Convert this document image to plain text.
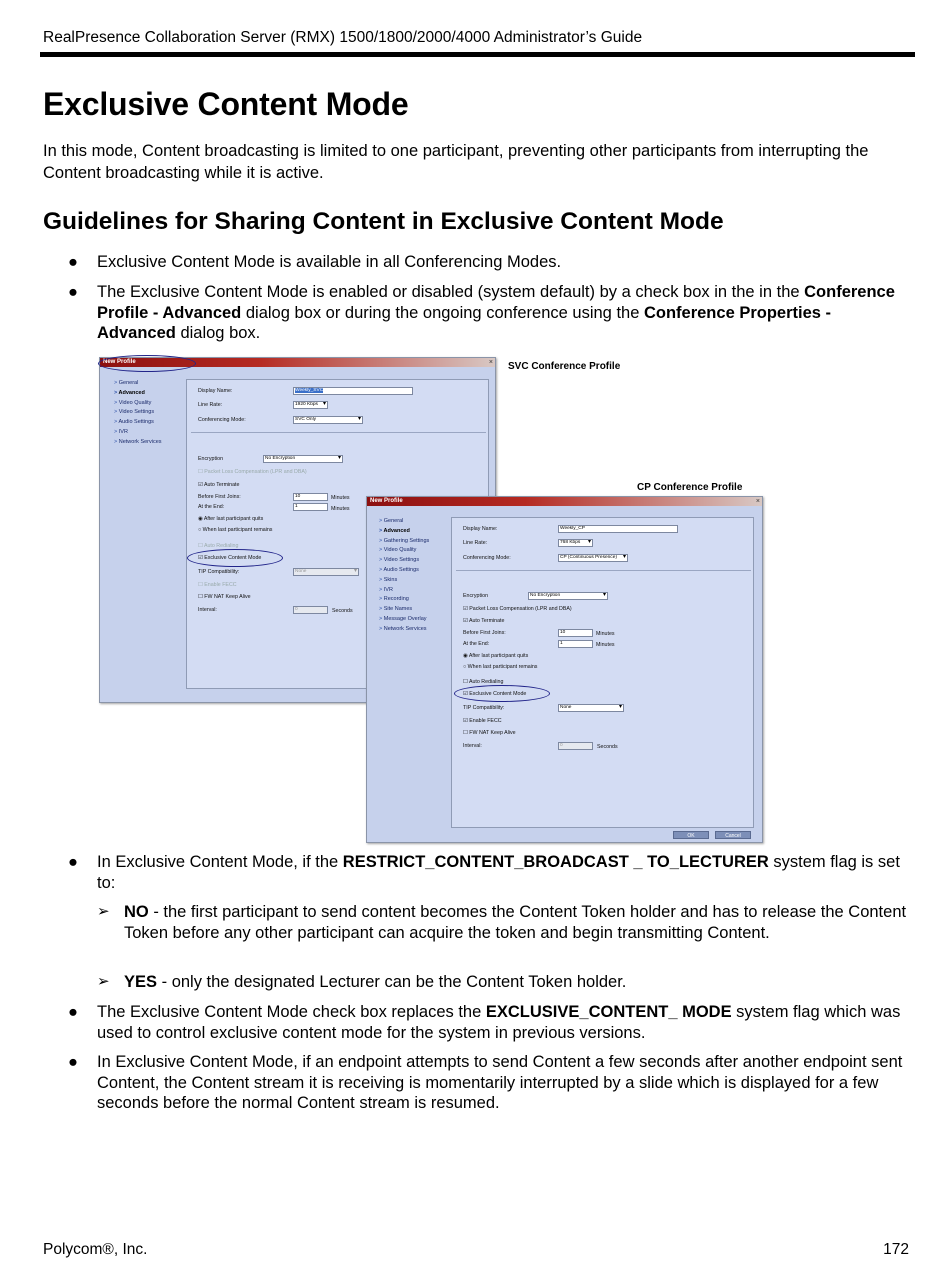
RealPresence Collaboration Server (RMX) 1500/1800/2000/4000 Administrator’s Guide
Exclusive Content Mode
In this mode, Content broadcasting is limited to one participant, preventing other participants from interrupting the Content broadcasting while it is active.
Guidelines for Sharing Content in Exclusive Content Mode
● Exclusive Content Mode is available in all Conferencing Modes.
● The Exclusive Content Mode is enabled or disabled (system default) by a check box in the in the Conference Profile - Advanced dialog box or during the ongoing conference using the Conference Properties - Advanced dialog box.
SVC Conference Profile
CP Conference Profile
New Profile	×
> General
> Advanced
> Video Quality
> Video Settings
> Audio Settings
> IVR
> Network Services
Display Name:	Weekly_SVC
Line Rate:	1920 Kbps ▾
Conferencing Mode:	SVC Only ▾
Encryption	No Encryption ▾
☐ Packet Loss Compensation (LPR and DBA)
☑ Auto Terminate
Before First Joins:	10	Minutes
At the End:	1	Minutes
◉ After last participant quits
○ When last participant remains
☐ Auto Redialing
☑ Exclusive Content Mode
TIP Compatibility:	None ▾
☐ Enable FECC
☐ FW NAT Keep Alive
Interval:	0	Seconds
New Profile	×
> General
> Advanced
> Gathering Settings
> Video Quality
> Video Settings
> Audio Settings
> Skins
> IVR
> Recording
> Site Names
> Message Overlay
> Network Services
Display Name:	Weekly_CP
Line Rate:	768 Kbps ▾
Conferencing Mode:	CP (Continuous Presence) ▾
Encryption	No Encryption ▾
☑ Packet Loss Compensation (LPR and DBA)
☑ Auto Terminate
Before First Joins:	10	Minutes
At the End:	1	Minutes
◉ After last participant quits
○ When last participant remains
☐ Auto Redialing
☑ Exclusive Content Mode
TIP Compatibility:	None ▾
☑ Enable FECC
☐ FW NAT Keep Alive
Interval:	0	Seconds
OK	Cancel
● In Exclusive Content Mode, if the RESTRICT_CONTENT_BROADCAST _ TO_LECTURER system flag is set to:
➢ NO - the first participant to send content becomes the Content Token holder and has to release the Content Token before any other participant can acquire the token and begin transmitting Content.
➢ YES - only the designated Lecturer can be the Content Token holder.
● The Exclusive Content Mode check box replaces the EXCLUSIVE_CONTENT_ MODE system flag which was used to control exclusive content mode for the system in previous versions.
● In Exclusive Content Mode, if an endpoint attempts to send Content a few seconds after another endpoint sent Content, the Content stream it is receiving is momentarily interrupted by a slide which is displayed for a few seconds before the normal Content stream is resumed.
Polycom®, Inc.	172
